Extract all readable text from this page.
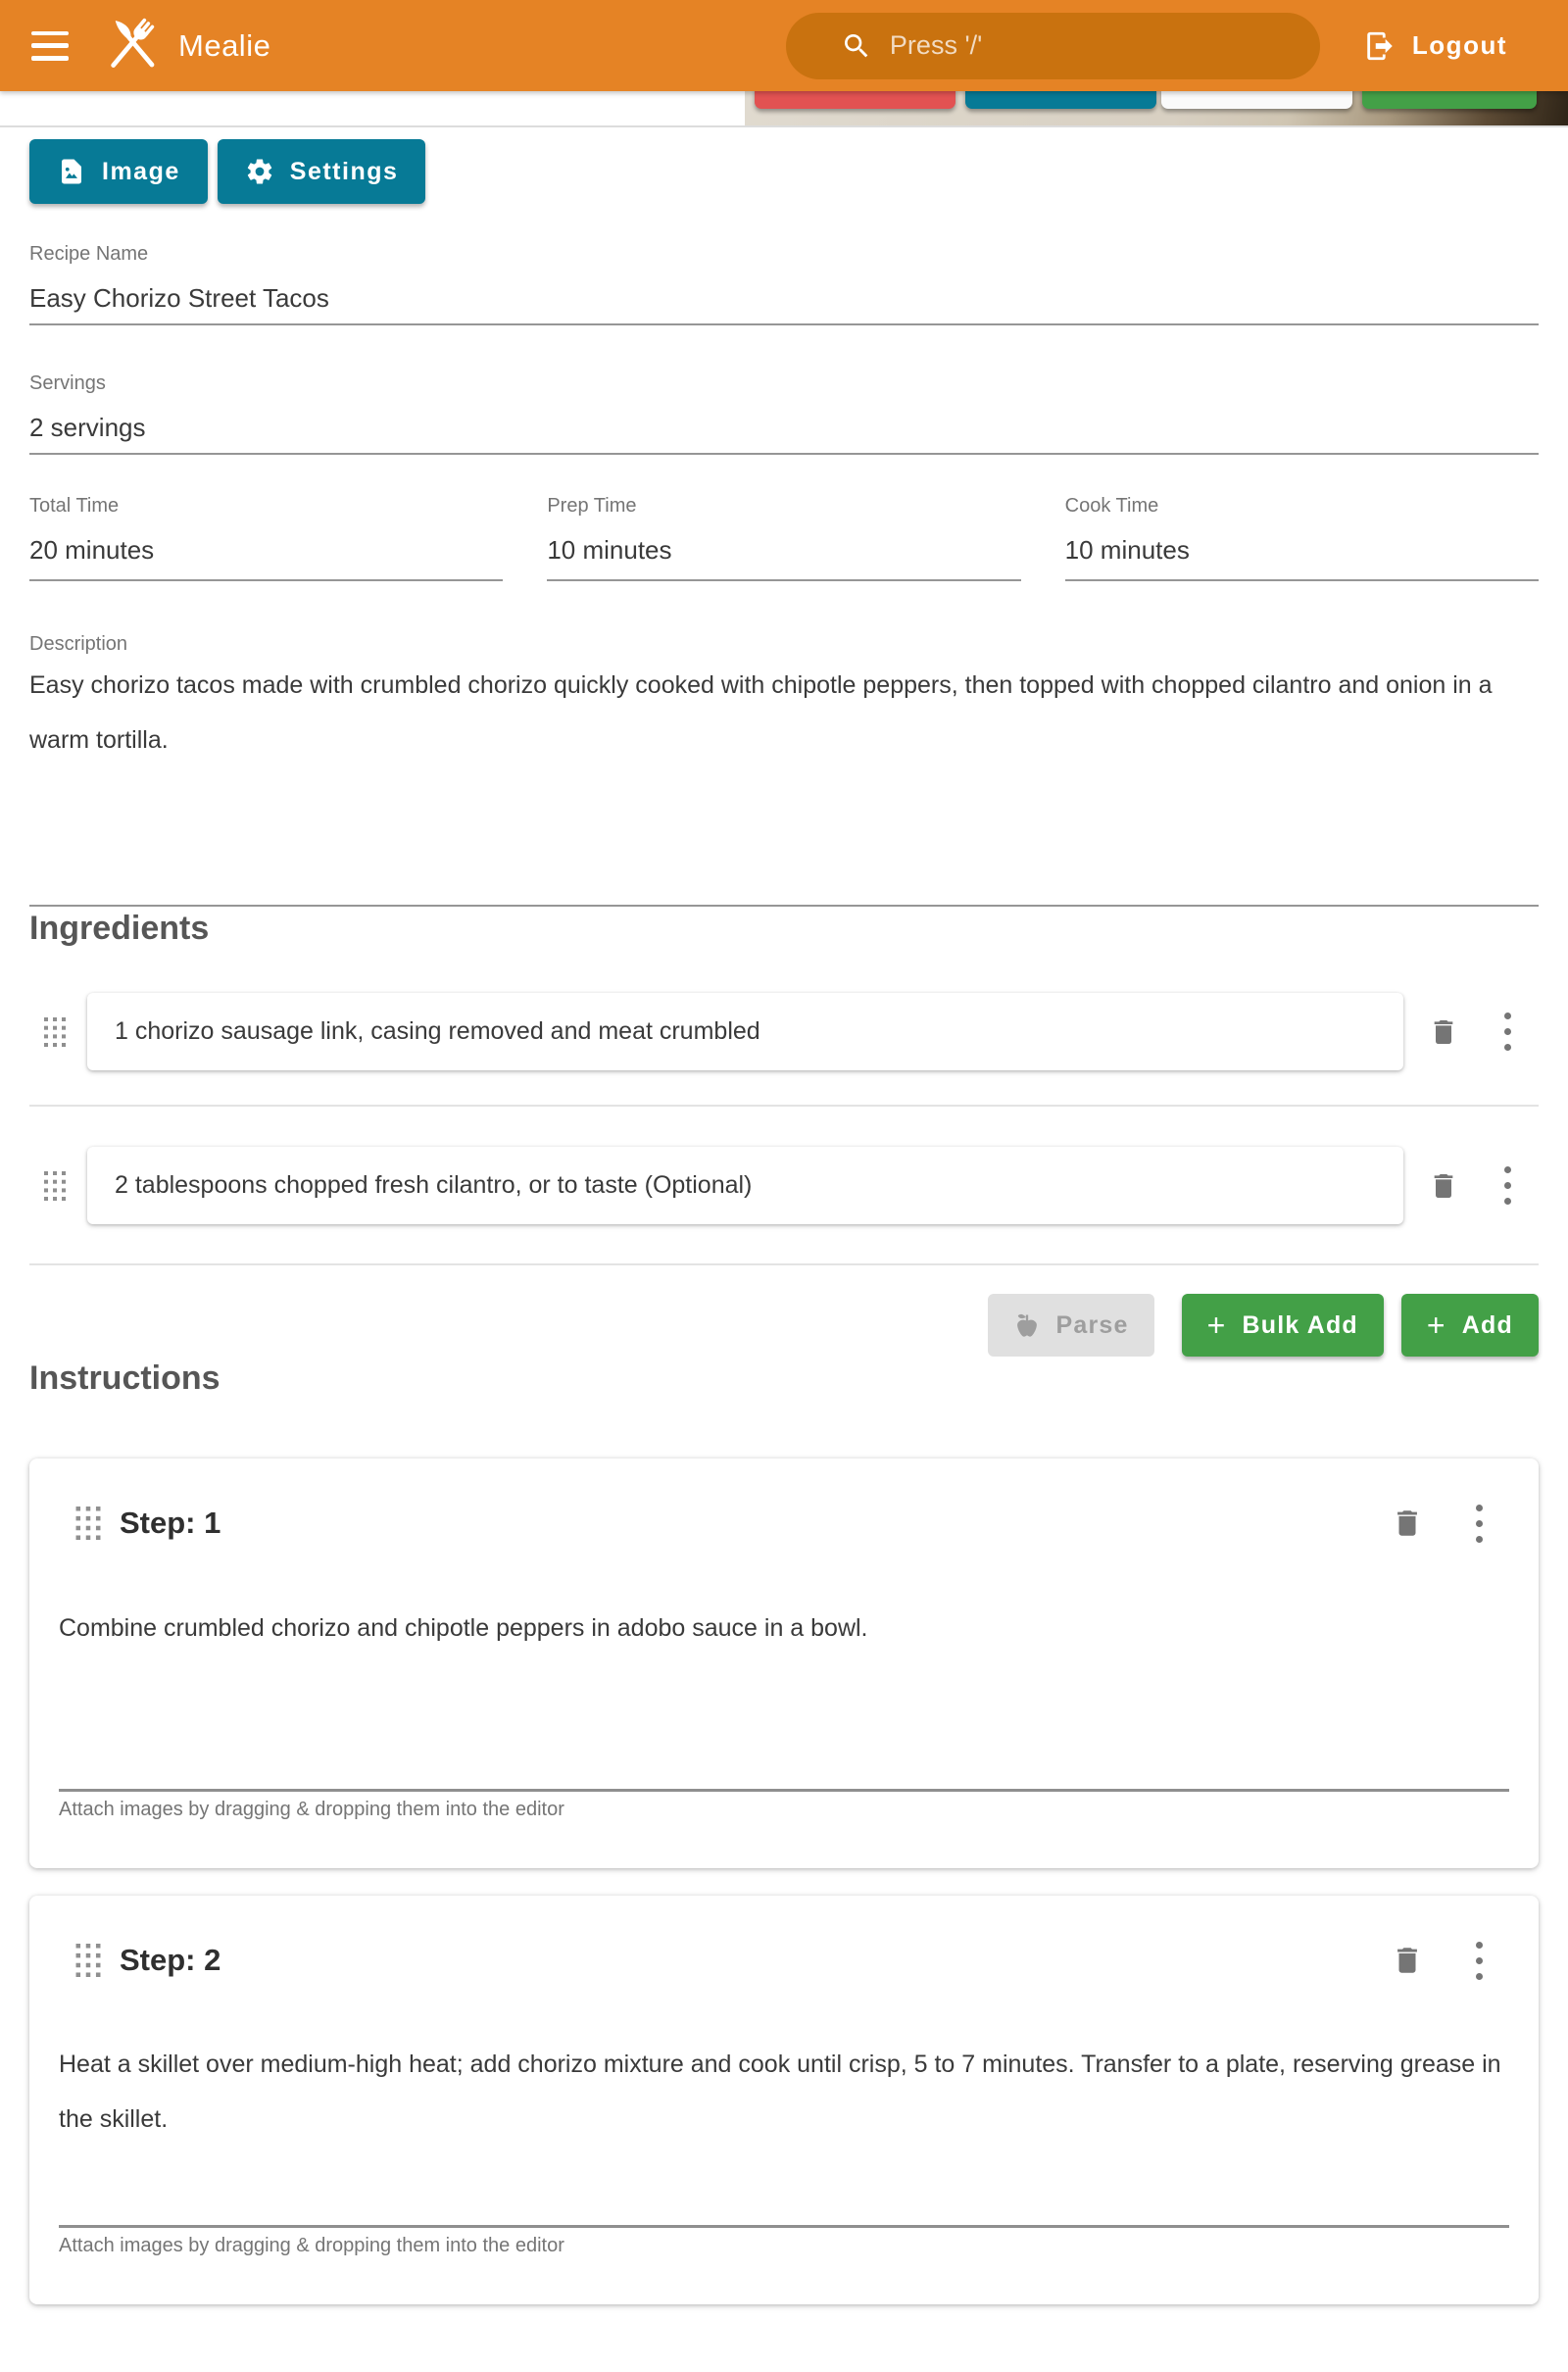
Mealie
Press '/'	Logout
Image	Settings
Recipe Name
Easy Chorizo Street Tacos
Servings
2 servings
Total Time
20 minutes
Prep Time
10 minutes
Cook Time
10 minutes
Description
Easy chorizo tacos made with crumbled chorizo quickly cooked with chipotle peppers, then topped with chopped cilantro and onion in a warm tortilla.
Ingredients
1 chorizo sausage link, casing removed and meat crumbled
2 tablespoons chopped fresh cilantro, or to taste (Optional)
Parse	+ Bulk Add + Add
Instructions
Step: 1
Combine crumbled chorizo and chipotle peppers in adobo sauce in a bowl.
Attach images by dragging & dropping them into the editor
Step: 2
Heat a skillet over medium-high heat; add chorizo mixture and cook until crisp, 5 to 7 minutes. Transfer to a plate, reserving grease in the skillet.
Attach images by dragging & dropping them into the editor
